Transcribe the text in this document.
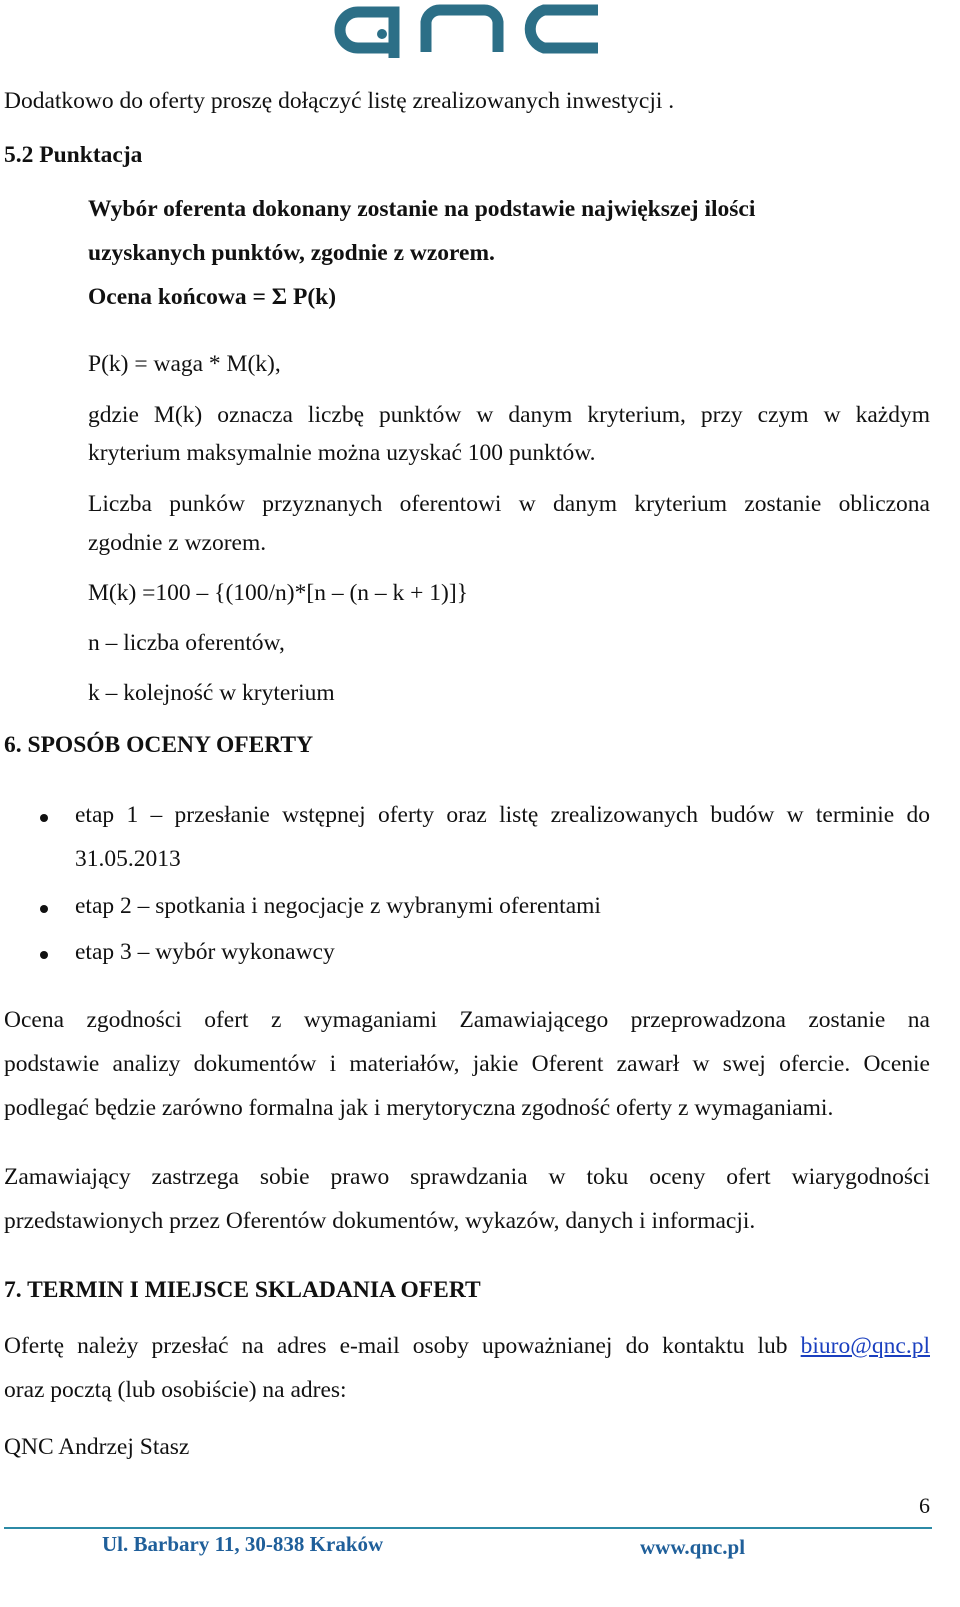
Dodatkowo do oferty proszę dołączyć listę zrealizowanych inwestycji .
5.2 Punktacja
Wybór oferenta dokonany zostanie na podstawie największej ilości
uzyskanych punktów, zgodnie z wzorem.
Ocena końcowa = Σ P(k)
P(k) = waga * M(k),
gdzie M(k) oznacza liczbę punktów w danym kryterium, przy czym w każdym
kryterium maksymalnie można uzyskać 100 punktów.
Liczba punków przyznanych oferentowi w danym kryterium zostanie obliczona
zgodnie z wzorem.
M(k) =100 – {(100/n)*[n – (n – k + 1)]}
n – liczba oferentów,
k – kolejność w kryterium
6. SPOSÓB OCENY OFERTY
etap 1 – przesłanie wstępnej oferty oraz listę zrealizowanych budów w terminie do
31.05.2013
etap 2 – spotkania i negocjacje z wybranymi oferentami
etap 3 – wybór wykonawcy
Ocena zgodności ofert z wymaganiami Zamawiającego przeprowadzona zostanie na
podstawie analizy dokumentów i materiałów, jakie Oferent zawarł w swej ofercie. Ocenie
podlegać będzie zarówno formalna jak i merytoryczna zgodność oferty z wymaganiami.
Zamawiający zastrzega sobie prawo sprawdzania w toku oceny ofert wiarygodności
przedstawionych przez Oferentów dokumentów, wykazów, danych i informacji.
7. TERMIN I MIEJSCE SKLADANIA OFERT
Ofertę należy przesłać na adres e-mail osoby upoważnianej do kontaktu lub biuro@qnc.pl
oraz pocztą (lub osobiście) na adres:
QNC Andrzej Stasz
6
Ul. Barbary 11, 30-838 Kraków	www.qnc.pl
